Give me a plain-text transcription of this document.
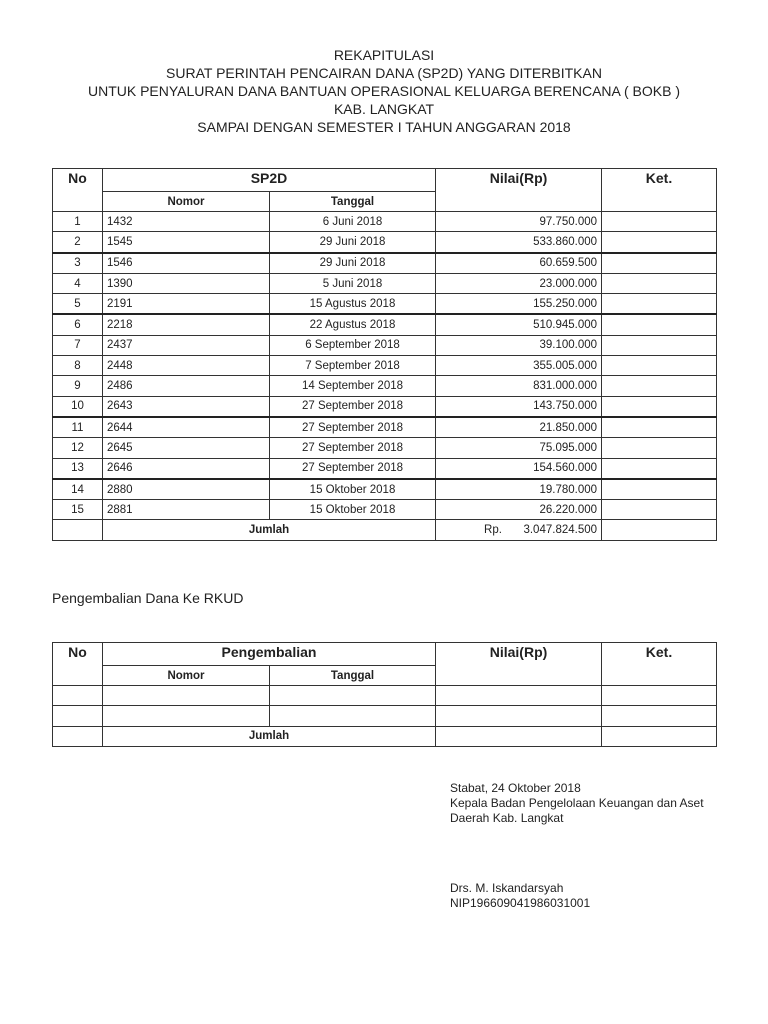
REKAPITULASI
SURAT PERINTAH PENCAIRAN DANA (SP2D) YANG DITERBITKAN
UNTUK PENYALURAN DANA BANTUAN OPERASIONAL KELUARGA BERENCANA ( BOKB )
KAB. LANGKAT
SAMPAI DENGAN SEMESTER I TAHUN ANGGARAN 2018
No	SP2D		Nilai(Rp)	Ket.
	Nomor	Tanggal		
1	1432	6 Juni 2018	97.750.000	
2	1545	29 Juni 2018	533.860.000	
3	1546	29 Juni 2018	60.659.500	
4	1390	5 Juni 2018	23.000.000	
5	2191	15 Agustus 2018	155.250.000	
6	2218	22 Agustus 2018	510.945.000	
7	2437	6 September 2018	39.100.000	
8	2448	7 September 2018	355.005.000	
9	2486	14 September 2018	831.000.000	
10	2643	27 September 2018	143.750.000	
11	2644	27 September 2018	21.850.000	
12	2645	27 September 2018	75.095.000	
13	2646	27 September 2018	154.560.000	
14	2880	15 Oktober 2018	19.780.000	
15	2881	15 Oktober 2018	26.220.000	
	Jumlah		Rp. 3.047.824.500	
Pengembalian Dana Ke RKUD
No	Pengembalian		Nilai(Rp)	Ket.
	Nomor	Tanggal		

	Jumlah			
Stabat, 24 Oktober 2018
Kepala Badan Pengelolaan Keuangan dan Aset
Daerah Kab. Langkat
Drs. M. Iskandarsyah
NIP196609041986031001
